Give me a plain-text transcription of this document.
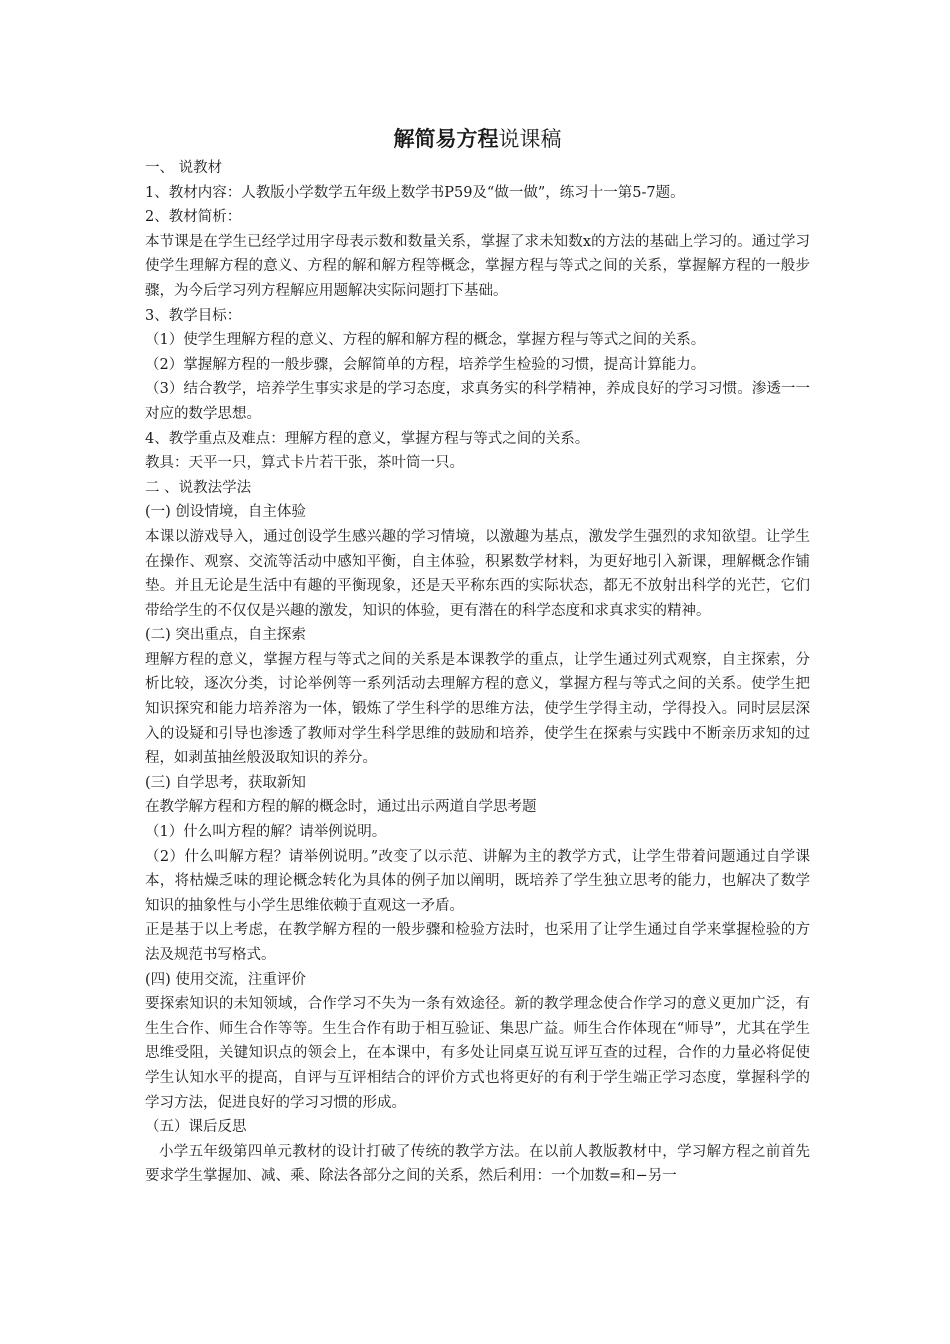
解简易方程说课稿

一、 说教材

1、教材内容：人教版小学数学五年级上数学书P59及“做一做”，练习十一第5-7题。

2、教材简析：

本节课是在学生已经学过用字母表示数和数量关系，掌握了求未知数x的方法的基础上学习的。通过学习使学生理解方程的意义、方程的解和解方程等概念，掌握方程与等式之间的关系，掌握解方程的一般步骤，为今后学习列方程解应用题解决实际问题打下基础。

3、教学目标：

（1）使学生理解方程的意义、方程的解和解方程的概念，掌握方程与等式之间的关系。

（2）掌握解方程的一般步骤，会解简单的方程，培养学生检验的习惯，提高计算能力。

（3）结合教学，培养学生事实求是的学习态度，求真务实的科学精神，养成良好的学习习惯。渗透一一对应的数学思想。

4、教学重点及难点：理解方程的意义，掌握方程与等式之间的关系。

教具：天平一只，算式卡片若干张，茶叶筒一只。

二 、说教法学法

(一) 创设情境，自主体验

本课以游戏导入，通过创设学生感兴趣的学习情境，以激趣为基点，激发学生强烈的求知欲望。让学生在操作、观察、交流等活动中感知平衡，自主体验，积累数学材料，为更好地引入新课，理解概念作铺垫。并且无论是生活中有趣的平衡现象，还是天平称东西的实际状态，都无不放射出科学的光芒，它们带给学生的不仅仅是兴趣的激发，知识的体验，更有潜在的科学态度和求真求实的精神。

(二) 突出重点，自主探索

理解方程的意义，掌握方程与等式之间的关系是本课教学的重点，让学生通过列式观察，自主探索，分析比较，逐次分类，讨论举例等一系列活动去理解方程的意义，掌握方程与等式之间的关系。使学生把知识探究和能力培养溶为一体，锻炼了学生科学的思维方法，使学生学得主动，学得投入。同时层层深入的设疑和引导也渗透了教师对学生科学思维的鼓励和培养，使学生在探索与实践中不断亲历求知的过程，如剥茧抽丝般汲取知识的养分。

(三) 自学思考，获取新知

在教学解方程和方程的解的概念时，通过出示两道自学思考题

（1）什么叫方程的解？请举例说明。

（2）什么叫解方程？请举例说明。”改变了以示范、讲解为主的教学方式，让学生带着问题通过自学课本，将枯燥乏味的理论概念转化为具体的例子加以阐明，既培养了学生独立思考的能力，也解决了数学知识的抽象性与小学生思维依赖于直观这一矛盾。

正是基于以上考虑，在教学解方程的一般步骤和检验方法时，也采用了让学生通过自学来掌握检验的方法及规范书写格式。

(四) 使用交流，注重评价

要探索知识的未知领域，合作学习不失为一条有效途径。新的教学理念使合作学习的意义更加广泛，有生生合作、师生合作等等。生生合作有助于相互验证、集思广益。师生合作体现在“师导”，尤其在学生思维受阻，关键知识点的领会上，在本课中，有多处让同桌互说互评互查的过程，合作的力量必将促使学生认知水平的提高，自评与互评相结合的评价方式也将更好的有利于学生端正学习态度，掌握科学的学习方法，促进良好的学习习惯的形成。

（五）课后反思

小学五年级第四单元教材的设计打破了传统的教学方法。在以前人教版教材中，学习解方程之前首先要求学生掌握加、减、乘、除法各部分之间的关系，然后利用：一个加数=和−另一
